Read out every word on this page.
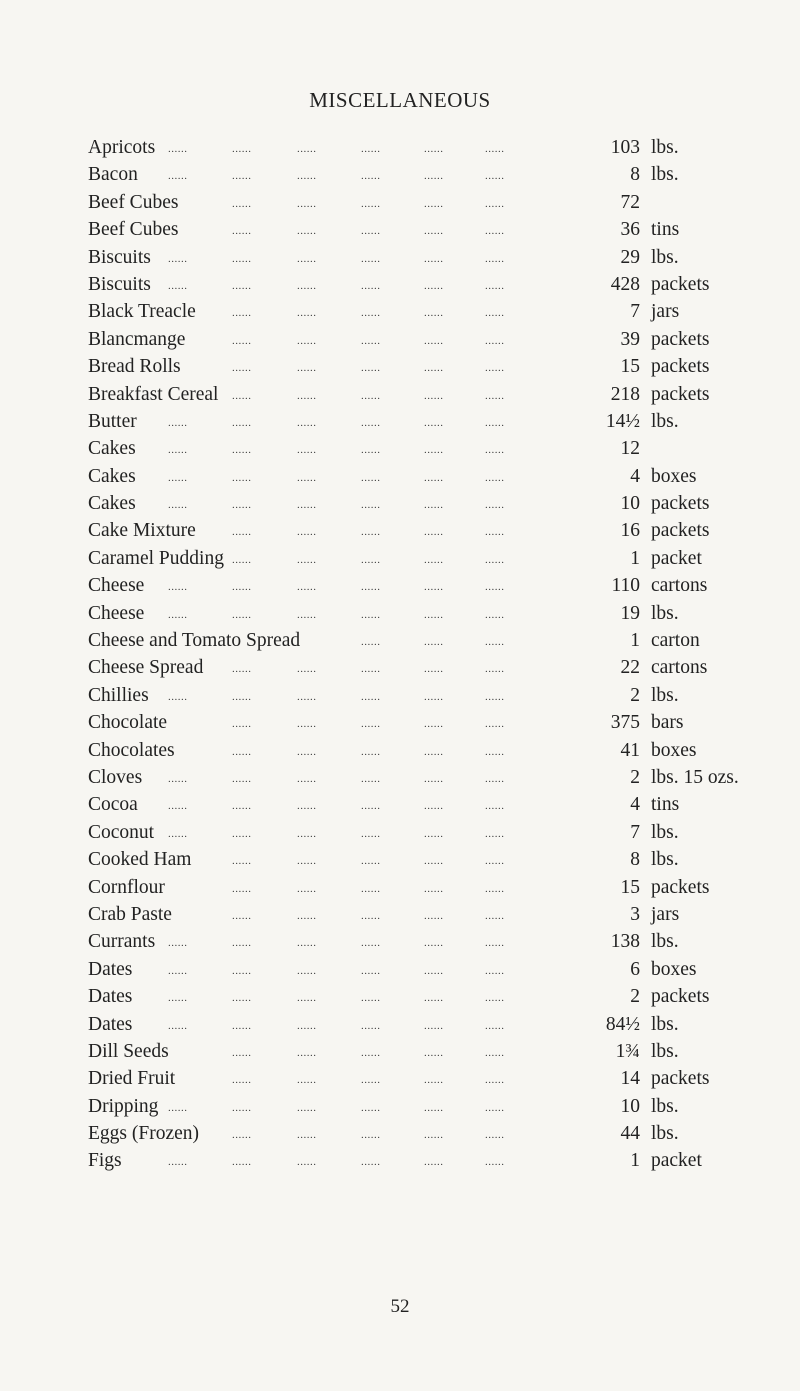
MISCELLANEOUS
Apricots	103 lbs.
......	......	......	......	......	......
Bacon	8 lbs.
......	......	......	......	......	......
Beef Cubes	72
......	......	......	......	......
Beef Cubes	36 tins
......	......	......	......	......
Biscuits	29 lbs.
......	......	......	......	......	......
Biscuits	428 packets
......	......	......	......	......	......
Black Treacle	7 jars
......	......	......	......	......
Blancmange	39 packets
......	......	......	......	......
Bread Rolls	15 packets
......	......	......	......	......
Breakfast Cereal	218 packets
......	......	......	......	......
Butter	14½ lbs.
......	......	......	......	......	......
Cakes	12
......	......	......	......	......	......
Cakes	4 boxes
......	......	......	......	......	......
Cakes	10 packets
......	......	......	......	......	......
Cake Mixture	16 packets
......	......	......	......	......
Caramel Pudding	1 packet
......	......	......	......	......
Cheese	110 cartons
......	......	......	......	......	......
Cheese	19 lbs.
......	......	......	......	......	......
Cheese and Tomato Spread	1 carton
......	......	......
Cheese Spread	22 cartons
......	......	......	......	......
Chillies	2 lbs.
......	......	......	......	......	......
Chocolate	375 bars
......	......	......	......	......
Chocolates	41 boxes
......	......	......	......	......
Cloves	2 lbs. 15 ozs.
......	......	......	......	......	......
Cocoa	4 tins
......	......	......	......	......	......
Coconut	7 lbs.
......	......	......	......	......	......
Cooked Ham	8 lbs.
......	......	......	......	......
Cornflour	15 packets
......	......	......	......	......
Crab Paste	3 jars
......	......	......	......	......
Currants	138 lbs.
......	......	......	......	......	......
Dates	6 boxes
......	......	......	......	......	......
Dates	2 packets
......	......	......	......	......	......
Dates	84½ lbs.
......	......	......	......	......	......
Dill Seeds	1¾ lbs.
......	......	......	......	......
Dried Fruit	14 packets
......	......	......	......	......
Dripping	10 lbs.
......	......	......	......	......	......
Eggs (Frozen)	44 lbs.
......	......	......	......	......
Figs	1 packet
......	......	......	......	......	......
52
